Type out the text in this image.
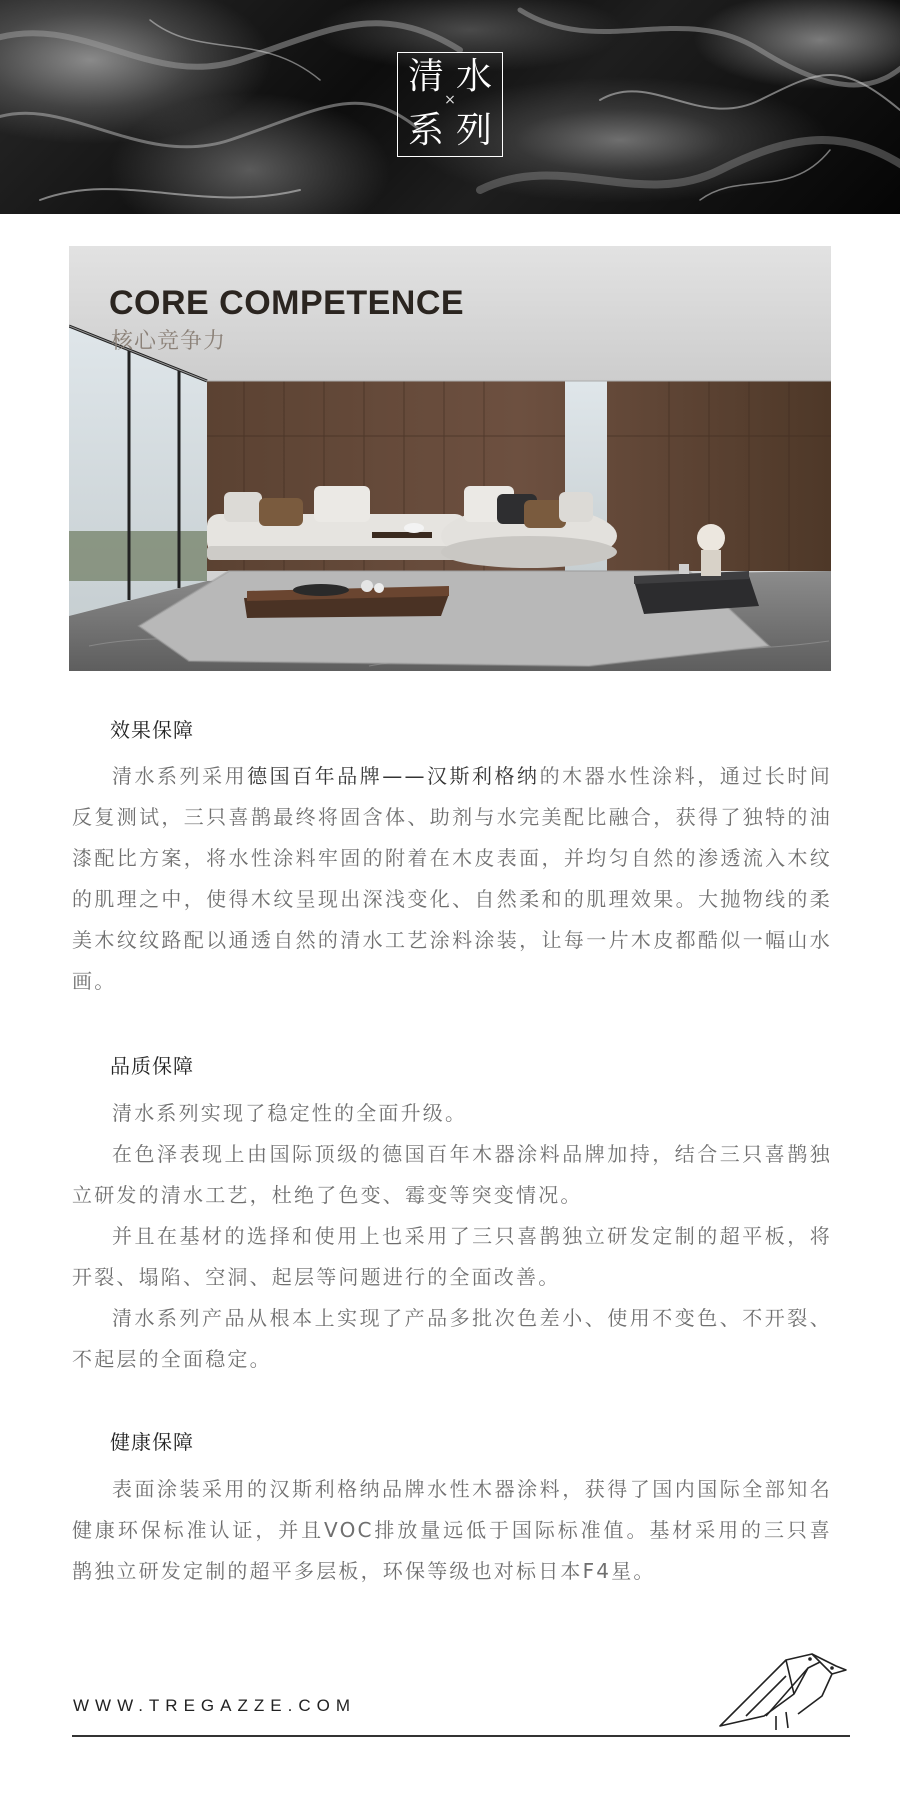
清 水
×
系 列
CORE COMPETENCE
核心竞争力
效果保障

清水系列采用德国百年品牌——汉斯利格纳的木器水性涂料，通过长时间反复测试，三只喜鹊最终将固含体、助剂与水完美配比融合，获得了独特的油漆配比方案，将水性涂料牢固的附着在木皮表面，并均匀自然的渗透流入木纹的肌理之中，使得木纹呈现出深浅变化、自然柔和的肌理效果。大抛物线的柔美木纹纹路配以通透自然的清水工艺涂料涂装，让每一片木皮都酷似一幅山水画。

品质保障

清水系列实现了稳定性的全面升级。

在色泽表现上由国际顶级的德国百年木器涂料品牌加持，结合三只喜鹊独立研发的清水工艺，杜绝了色变、霉变等突变情况。

并且在基材的选择和使用上也采用了三只喜鹊独立研发定制的超平板，将开裂、塌陷、空洞、起层等问题进行的全面改善。

清水系列产品从根本上实现了产品多批次色差小、使用不变色、不开裂、不起层的全面稳定。

健康保障

表面涂装采用的汉斯利格纳品牌水性木器涂料，获得了国内国际全部知名健康环保标准认证，并且VOC排放量远低于国际标准值。基材采用的三只喜鹊独立研发定制的超平多层板，环保等级也对标日本F4星。

WWW.TREGAZZE.COM
